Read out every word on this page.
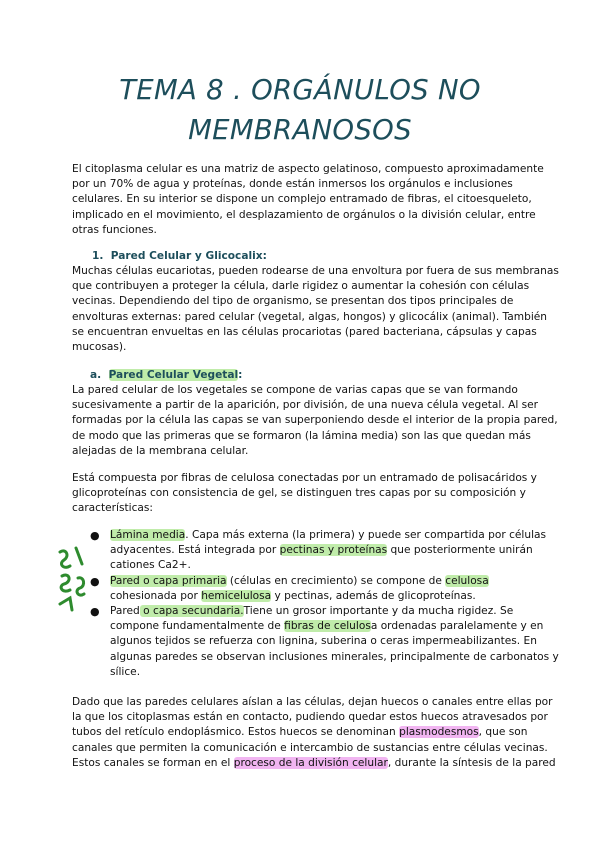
TEMA 8 . ORGÁNULOS NO
MEMBRANOSOS

El citoplasma celular es una matriz de aspecto gelatinoso, compuesto aproximadamente
por un 70% de agua y proteínas, donde están inmersos los orgánulos e inclusiones
celulares. En su interior se dispone un complejo entramado de fibras, el citoesqueleto,
implicado en el movimiento, el desplazamiento de orgánulos o la división celular, entre
otras funciones.

1. Pared Celular y Glicocalix:

Muchas células eucariotas, pueden rodearse de una envoltura por fuera de sus membranas
que contribuyen a proteger la célula, darle rigidez o aumentar la cohesión con células
vecinas. Dependiendo del tipo de organismo, se presentan dos tipos principales de
envolturas externas: pared celular (vegetal, algas, hongos) y glicocálix (animal). También
se encuentran envueltas en las células procariotas (pared bacteriana, cápsulas y capas
mucosas).

a. Pared Celular Vegetal:

La pared celular de los vegetales se compone de varias capas que se van formando
sucesivamente a partir de la aparición, por división, de una nueva célula vegetal. Al ser
formadas por la célula las capas se van superponiendo desde el interior de la propia pared,
de modo que las primeras que se formaron (la lámina media) son las que quedan más
alejadas de la membrana celular.

Está compuesta por fibras de celulosa conectadas por un entramado de polisacáridos y
glicoproteínas con consistencia de gel, se distinguen tres capas por su composición y
características:

● Lámina media. Capa más externa (la primera) y puede ser compartida por células
adyacentes. Está integrada por pectinas y proteínas que posteriormente unirán
cationes Ca2+.
● Pared o capa primaria (células en crecimiento) se compone de celulosa
cohesionada por hemicelulosa y pectinas, además de glicoproteínas.
● Pared o capa secundaria.Tiene un grosor importante y da mucha rigidez. Se
compone fundamentalmente de fibras de celulosa ordenadas paralelamente y en
algunos tejidos se refuerza con lignina, suberina o ceras impermeabilizantes. En
algunas paredes se observan inclusiones minerales, principalmente de carbonatos y
sílice.

Dado que las paredes celulares aíslan a las células, dejan huecos o canales entre ellas por
la que los citoplasmas están en contacto, pudiendo quedar estos huecos atravesados por
tubos del retículo endoplásmico. Estos huecos se denominan plasmodesmos, que son
canales que permiten la comunicación e intercambio de sustancias entre células vecinas.
Estos canales se forman en el proceso de la división celular, durante la síntesis de la pared
